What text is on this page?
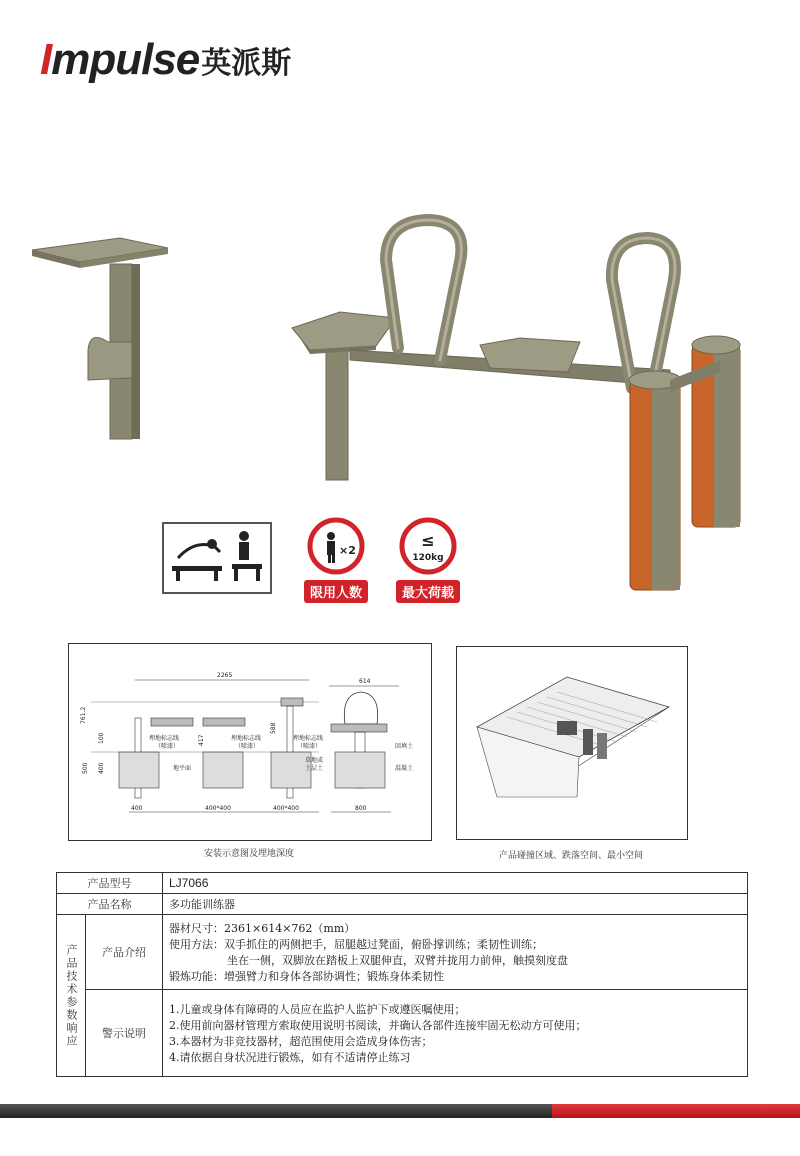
Impulse 英派斯
×2
限用人数
≤
120kg
最大荷载
2265
761.2
100
500 400
417
588
埋地标志线
（喷漆）
埋地标志线
（喷漆）
埋地标志线
（喷漆）
地平面
400	400*400	400*400
614
草地或
土层土
回填土
混凝土
800
安装示意图及埋地深度	产品碰撞区域、跌落空间、最小空间
产品型号		LJ7066
产品名称		多功能训练器
产品技术参数响应	产品介绍	器材尺寸：2361×614×762（mm）
使用方法：双手抓住的两侧把手，屈腿越过凳面，俯卧撑训练；柔韧性训练；
坐在一侧，双脚放在踏板上双腿伸直，双臂并拢用力前伸，触摸刻度盘
锻炼功能：增强臂力和身体各部协调性；锻炼身体柔韧性

	警示说明	1.儿童或身体有障碍的人员应在监护人监护下或遵医嘱使用；
2.使用前向器材管理方索取使用说明书阅读，并确认各部件连接牢固无松动方可使用；
3.本器材为非竞技器材，超范围使用会造成身体伤害；
4.请依据自身状况进行锻炼，如有不适请停止练习
